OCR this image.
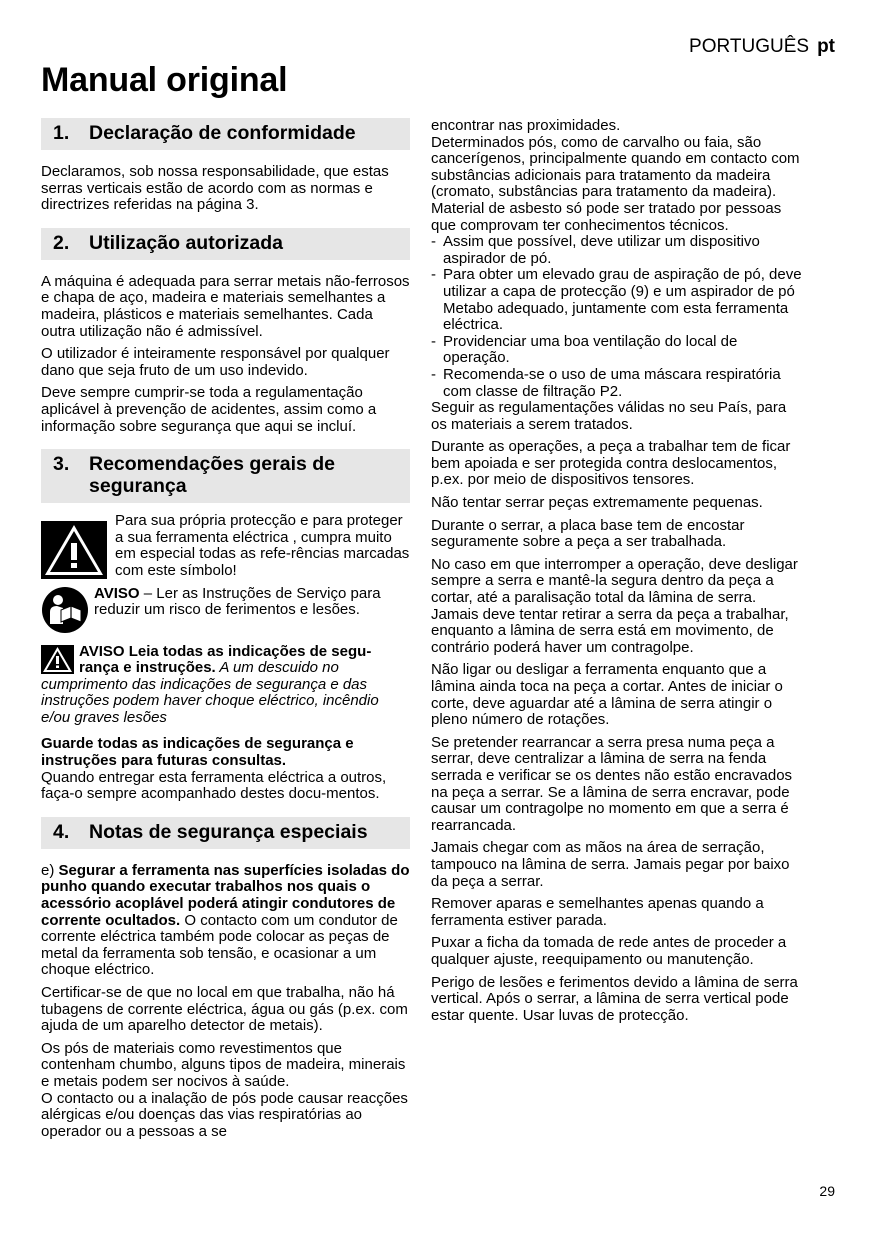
PORTUGUÊS pt
Manual original
1.	Declaração de conformidade

Declaramos, sob nossa responsabilidade, que estas serras verticais estão de acordo com as normas e directrizes referidas na página 3.

2.	Utilização autorizada

A máquina é adequada para serrar metais não-ferrosos e chapa de aço, madeira e materiais semelhantes a madeira, plásticos e materiais semelhantes. Cada outra utilização não é admissível.

O utilizador é inteiramente responsável por qualquer dano que seja fruto de um uso indevido.

Deve sempre cumprir-se toda a regulamentação aplicável à prevenção de acidentes, assim como a informação sobre segurança que aqui se incluí.

3.	Recomendações gerais de segurança
Para sua própria protecção e para proteger a sua ferramenta eléctrica , cumpra muito em especial todas as refe-rências marcadas com este símbolo!
AVISO – Ler as Instruções de Serviço para reduzir um risco de ferimentos e lesões.

AVISO Leia todas as indicações de segu-rança e instruções. A um descuido no cumprimento das indicações de segurança e das instruções podem haver choque eléctrico, incêndio e/ou graves lesões

Guarde todas as indicações de segurança e instruções para futuras consultas.
Quando entregar esta ferramenta eléctrica a outros, faça-o sempre acompanhado destes docu-mentos.

4.	Notas de segurança especiais

e) Segurar a ferramenta nas superfícies isoladas do punho quando executar trabalhos nos quais o acessório acoplável poderá atingir condutores de corrente ocultados. O contacto com um condutor de corrente eléctrica também pode colocar as peças de metal da ferramenta sob tensão, e ocasionar a um choque eléctrico.

Certificar-se de que no local em que trabalha, não há tubagens de corrente eléctrica, água ou gás (p.ex. com ajuda de um aparelho detector de metais).

Os pós de materiais como revestimentos que contenham chumbo, alguns tipos de madeira, minerais e metais podem ser nocivos à saúde.

O contacto ou a inalação de pós pode causar reacções alérgicas e/ou doenças das vias respiratórias ao operador ou a pessoas a se

encontrar nas proximidades.

Determinados pós, como de carvalho ou faia, são cancerígenos, principalmente quando em contacto com substâncias adicionais para tratamento da madeira (cromato, substâncias para tratamento da madeira). Material de asbesto só pode ser tratado por pessoas que comprovam ter conhecimentos técnicos.

- Assim que possível, deve utilizar um dispositivo aspirador de pó.
- Para obter um elevado grau de aspiração de pó, deve utilizar a capa de protecção (9) e um aspirador de pó Metabo adequado, juntamente com esta ferramenta eléctrica.
- Providenciar uma boa ventilação do local de operação.
- Recomenda-se o uso de uma máscara respiratória com classe de filtração P2.

Seguir as regulamentações válidas no seu País, para os materiais a serem tratados.

Durante as operações, a peça a trabalhar tem de ficar bem apoiada e ser protegida contra deslocamentos, p.ex. por meio de dispositivos tensores.

Não tentar serrar peças extremamente pequenas.

Durante o serrar, a placa base tem de encostar seguramente sobre a peça a ser trabalhada.

No caso em que interromper a operação, deve desligar sempre a serra e mantê-la segura dentro da peça a cortar, até a paralisação total da lâmina de serra. Jamais deve tentar retirar a serra da peça a trabalhar, enquanto a lâmina de serra está em movimento, de contrário poderá haver um contragolpe.

Não ligar ou desligar a ferramenta enquanto que a lâmina ainda toca na peça a cortar. Antes de iniciar o corte, deve aguardar até a lâmina de serra atingir o pleno número de rotações.

Se pretender rearrancar a serra presa numa peça a serrar, deve centralizar a lâmina de serra na fenda serrada e verificar se os dentes não estão encravados na peça a serrar. Se a lâmina de serra encravar, pode causar um contragolpe no momento em que a serra é rearrancada.

Jamais chegar com as mãos na área de serração, tampouco na lâmina de serra. Jamais pegar por baixo da peça a serrar.

Remover aparas e semelhantes apenas quando a ferramenta estiver parada.

Puxar a ficha da tomada de rede antes de proceder a qualquer ajuste, reequipamento ou manutenção.

Perigo de lesões e ferimentos devido a lâmina de serra vertical. Após o serrar, a lâmina de serra vertical pode estar quente. Usar luvas de protecção.

29
